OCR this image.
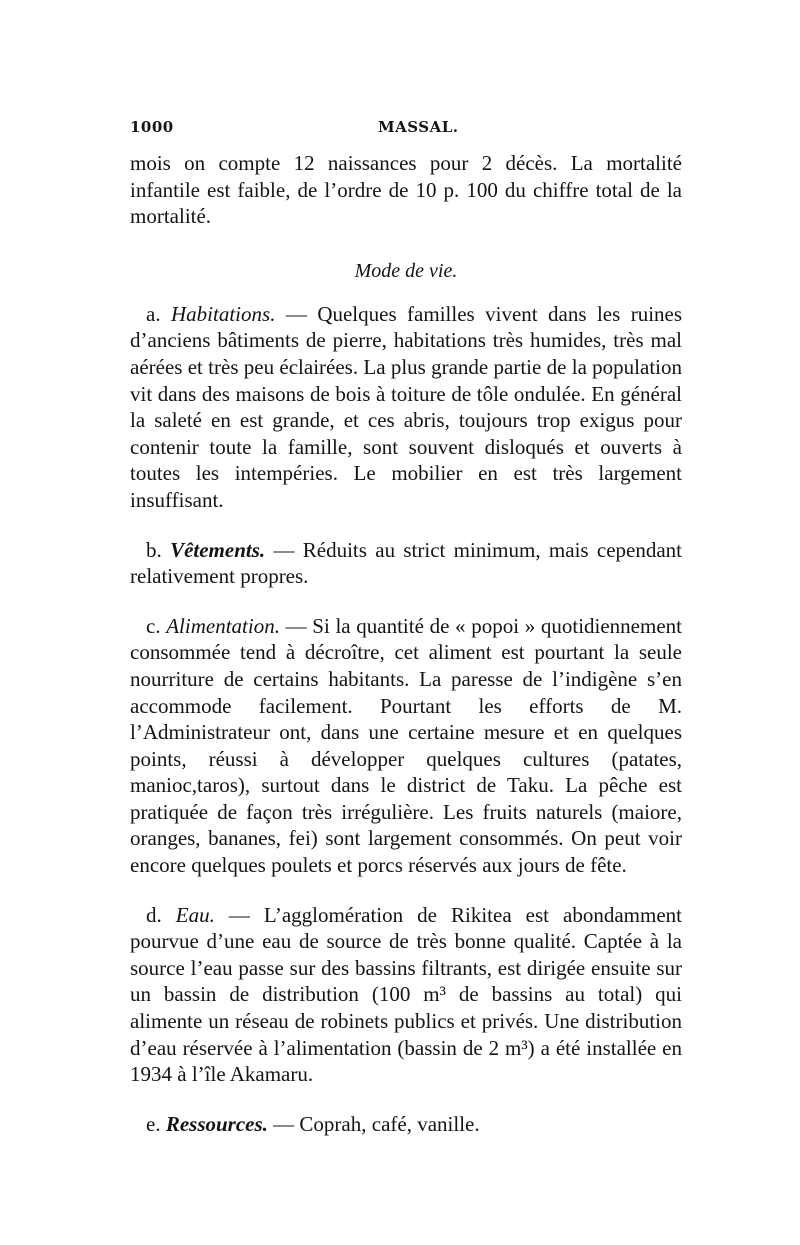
1000	MASSAL.

mois on compte 12 naissances pour 2 décès. La mortalité infantile est faible, de l’ordre de 10 p. 100 du chiffre total de la mortalité.

Mode de vie.

a. Habitations. — Quelques familles vivent dans les ruines d’anciens bâtiments de pierre, habitations très humides, très mal aérées et très peu éclairées. La plus grande partie de la population vit dans des maisons de bois à toiture de tôle ondulée. En général la saleté en est grande, et ces abris, toujours trop exigus pour contenir toute la famille, sont souvent disloqués et ouverts à toutes les intempéries. Le mobilier en est très largement insuffisant.

b. Vêtements. — Réduits au strict minimum, mais cependant relativement propres.

c. Alimentation. — Si la quantité de « popoi » quotidiennement consommée tend à décroître, cet aliment est pourtant la seule nourriture de certains habitants. La paresse de l’indigène s’en accommode facilement. Pourtant les efforts de M. l’Administrateur ont, dans une certaine mesure et en quelques points, réussi à développer quelques cultures (patates, manioc,taros), surtout dans le district de Taku. La pêche est pratiquée de façon très irrégulière. Les fruits naturels (maiore, oranges, bananes, fei) sont largement consommés. On peut voir encore quelques poulets et porcs réservés aux jours de fête.

d. Eau. — L’agglomération de Rikitea est abondamment pourvue d’une eau de source de très bonne qualité. Captée à la source l’eau passe sur des bassins filtrants, est dirigée ensuite sur un bassin de distribution (100 m³ de bassins au total) qui alimente un réseau de robinets publics et privés. Une distribution d’eau réservée à l’alimentation (bassin de 2 m³) a été installée en 1934 à l’île Akamaru.

e. Ressources. — Coprah, café, vanille.
